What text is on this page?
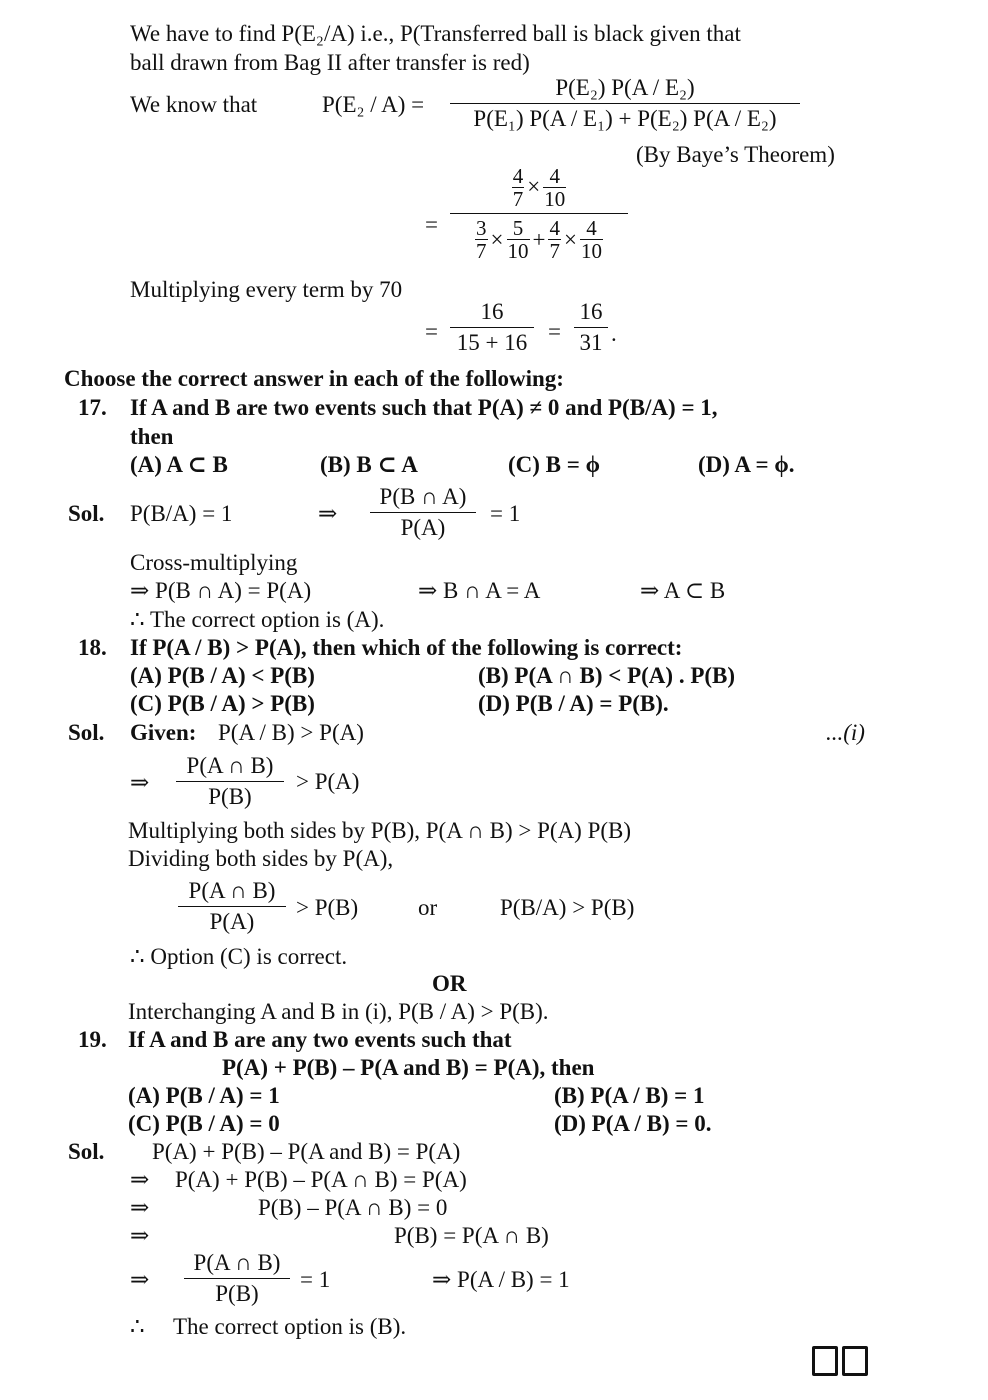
We have to find P(E₂/A) i.e., P(Transferred ball is black given that
ball drawn from Bag II after transfer is red)
We know that	$P(E_2 / A) = \frac{\text{P(E₂) P(A / E₂)}}{\text{P(E₁) P(A / E₁) + P(E₂) P(A / E₂)}}$
(By Baye’s Theorem)
= $\frac{\frac{4}{7} \times \frac{4}{10}}{\frac{3}{7} \times \frac{5}{10} + \frac{4}{7} \times \frac{4}{10}}$
Multiplying every term by 70
= $\frac{16}{15 + 16} = \frac{16}{31}$ .
Choose the correct answer in each of the following:
17. If A and B are two events such that P(A) ≠ 0 and P(B/A) = 1,
then
(A) A ⊂ B	(B) B ⊂ A	(C) B = ϕ	(D) A = ϕ.
Sol. P(B/A) = 1	⇒ $\frac{P(B \cap A)}{P(A)} = 1$
Cross-multiplying
⇒ P(B ∩ A) = P(A)	⇒ B ∩ A = A	⇒ A ⊂ B
∴ The correct option is (A).
18. If P(A / B) > P(A), then which of the following is correct:
(A) P(B / A) < P(B)	(B) P(A ∩ B) < P(A) . P(B)
(C) P(B / A) > P(B)	(D) P(B / A) = P(B).
Sol. Given: P(A / B) > P(A)	...(i)
⇒ $\frac{P(A \cap B)}{P(B)} > P(A)$
Multiplying both sides by P(B), P(A ∩ B) > P(A) P(B)
Dividing both sides by P(A),
$\frac{P(A \cap B)}{P(A)} > P(B)$	or	P(B/A) > P(B)
∴ Option (C) is correct.
OR
Interchanging A and B in (i), P(B / A) > P(B).
19. If A and B are any two events such that
P(A) + P(B) – P(A and B) = P(A), then
(A) P(B / A) = 1	(B) P(A / B) = 1
(C) P(B / A) = 0	(D) P(A / B) = 0.
Sol. P(A) + P(B) – P(A and B) = P(A)
⇒ P(A) + P(B) – P(A ∩ B) = P(A)
⇒	P(B) – P(A ∩ B) = 0
⇒	P(B) = P(A ∩ B)
⇒ $\frac{P(A \cap B)}{P(B)} = 1$	⇒ P(A / B) = 1
∴ The correct option is (B).
